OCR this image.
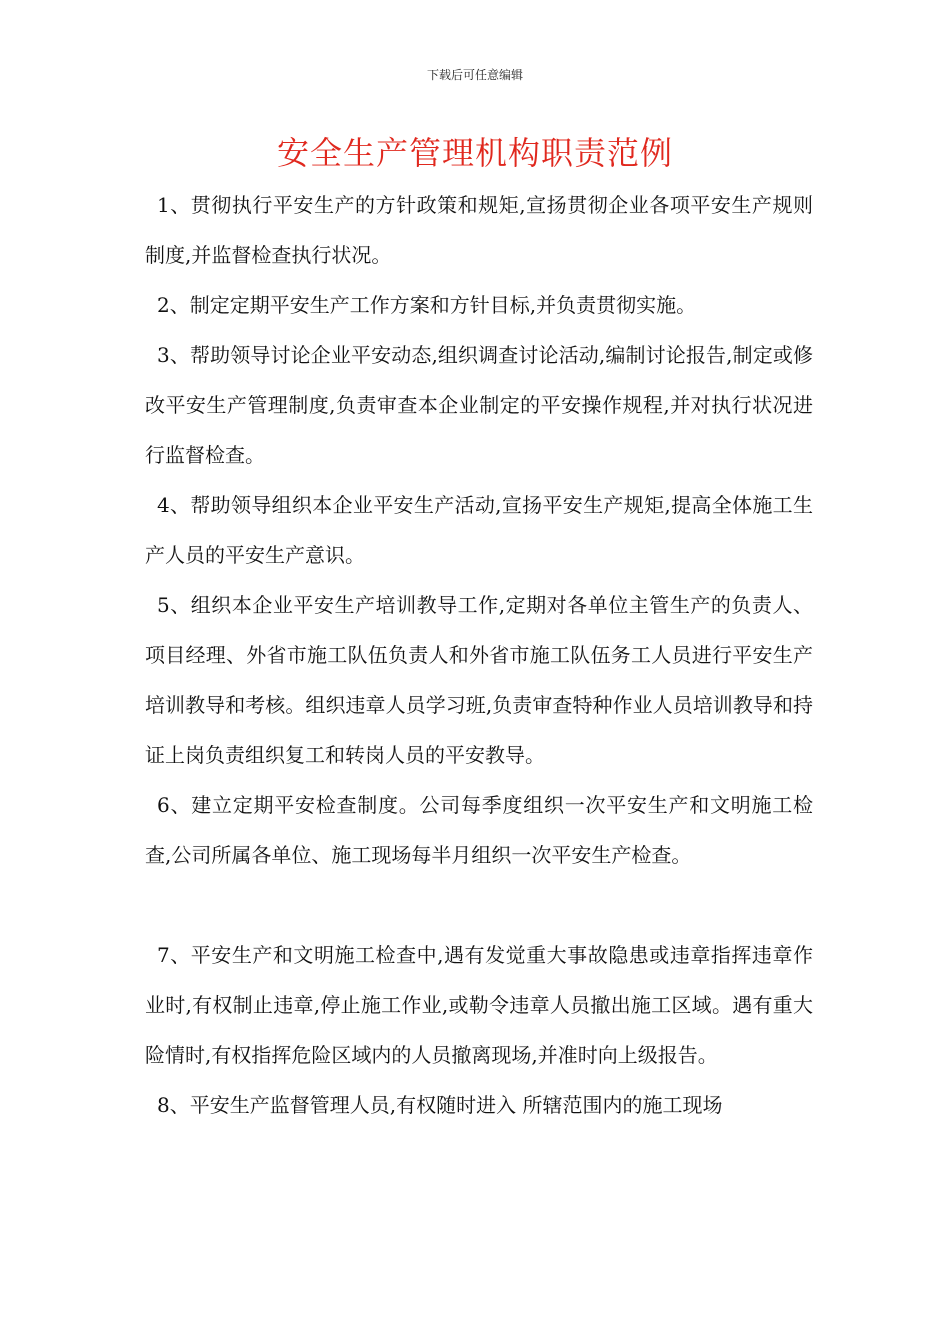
下载后可任意编辑
安全生产管理机构职责范例

1、贯彻执行平安生产的方针政策和规矩,宣扬贯彻企业各项平安生产规则制度,并监督检查执行状况。

2、制定定期平安生产工作方案和方针目标,并负责贯彻实施。

3、帮助领导讨论企业平安动态,组织调查讨论活动,编制讨论报告,制定或修改平安生产管理制度,负责审查本企业制定的平安操作规程,并对执行状况进行监督检查。

4、帮助领导组织本企业平安生产活动,宣扬平安生产规矩,提高全体施工生产人员的平安生产意识。

5、组织本企业平安生产培训教导工作,定期对各单位主管生产的负责人、项目经理、外省市施工队伍负责人和外省市施工队伍务工人员进行平安生产培训教导和考核。组织违章人员学习班,负责审查特种作业人员培训教导和持证上岗负责组织复工和转岗人员的平安教导。

6、建立定期平安检查制度。公司每季度组织一次平安生产和文明施工检查,公司所属各单位、施工现场每半月组织一次平安生产检查。

7、平安生产和文明施工检查中,遇有发觉重大事故隐患或违章指挥违章作业时,有权制止违章,停止施工作业,或勒令违章人员撤出施工区域。遇有重大险情时,有权指挥危险区域内的人员撤离现场,并准时向上级报告。

8、平安生产监督管理人员,有权随时进入 所辖范围内的施工现场
